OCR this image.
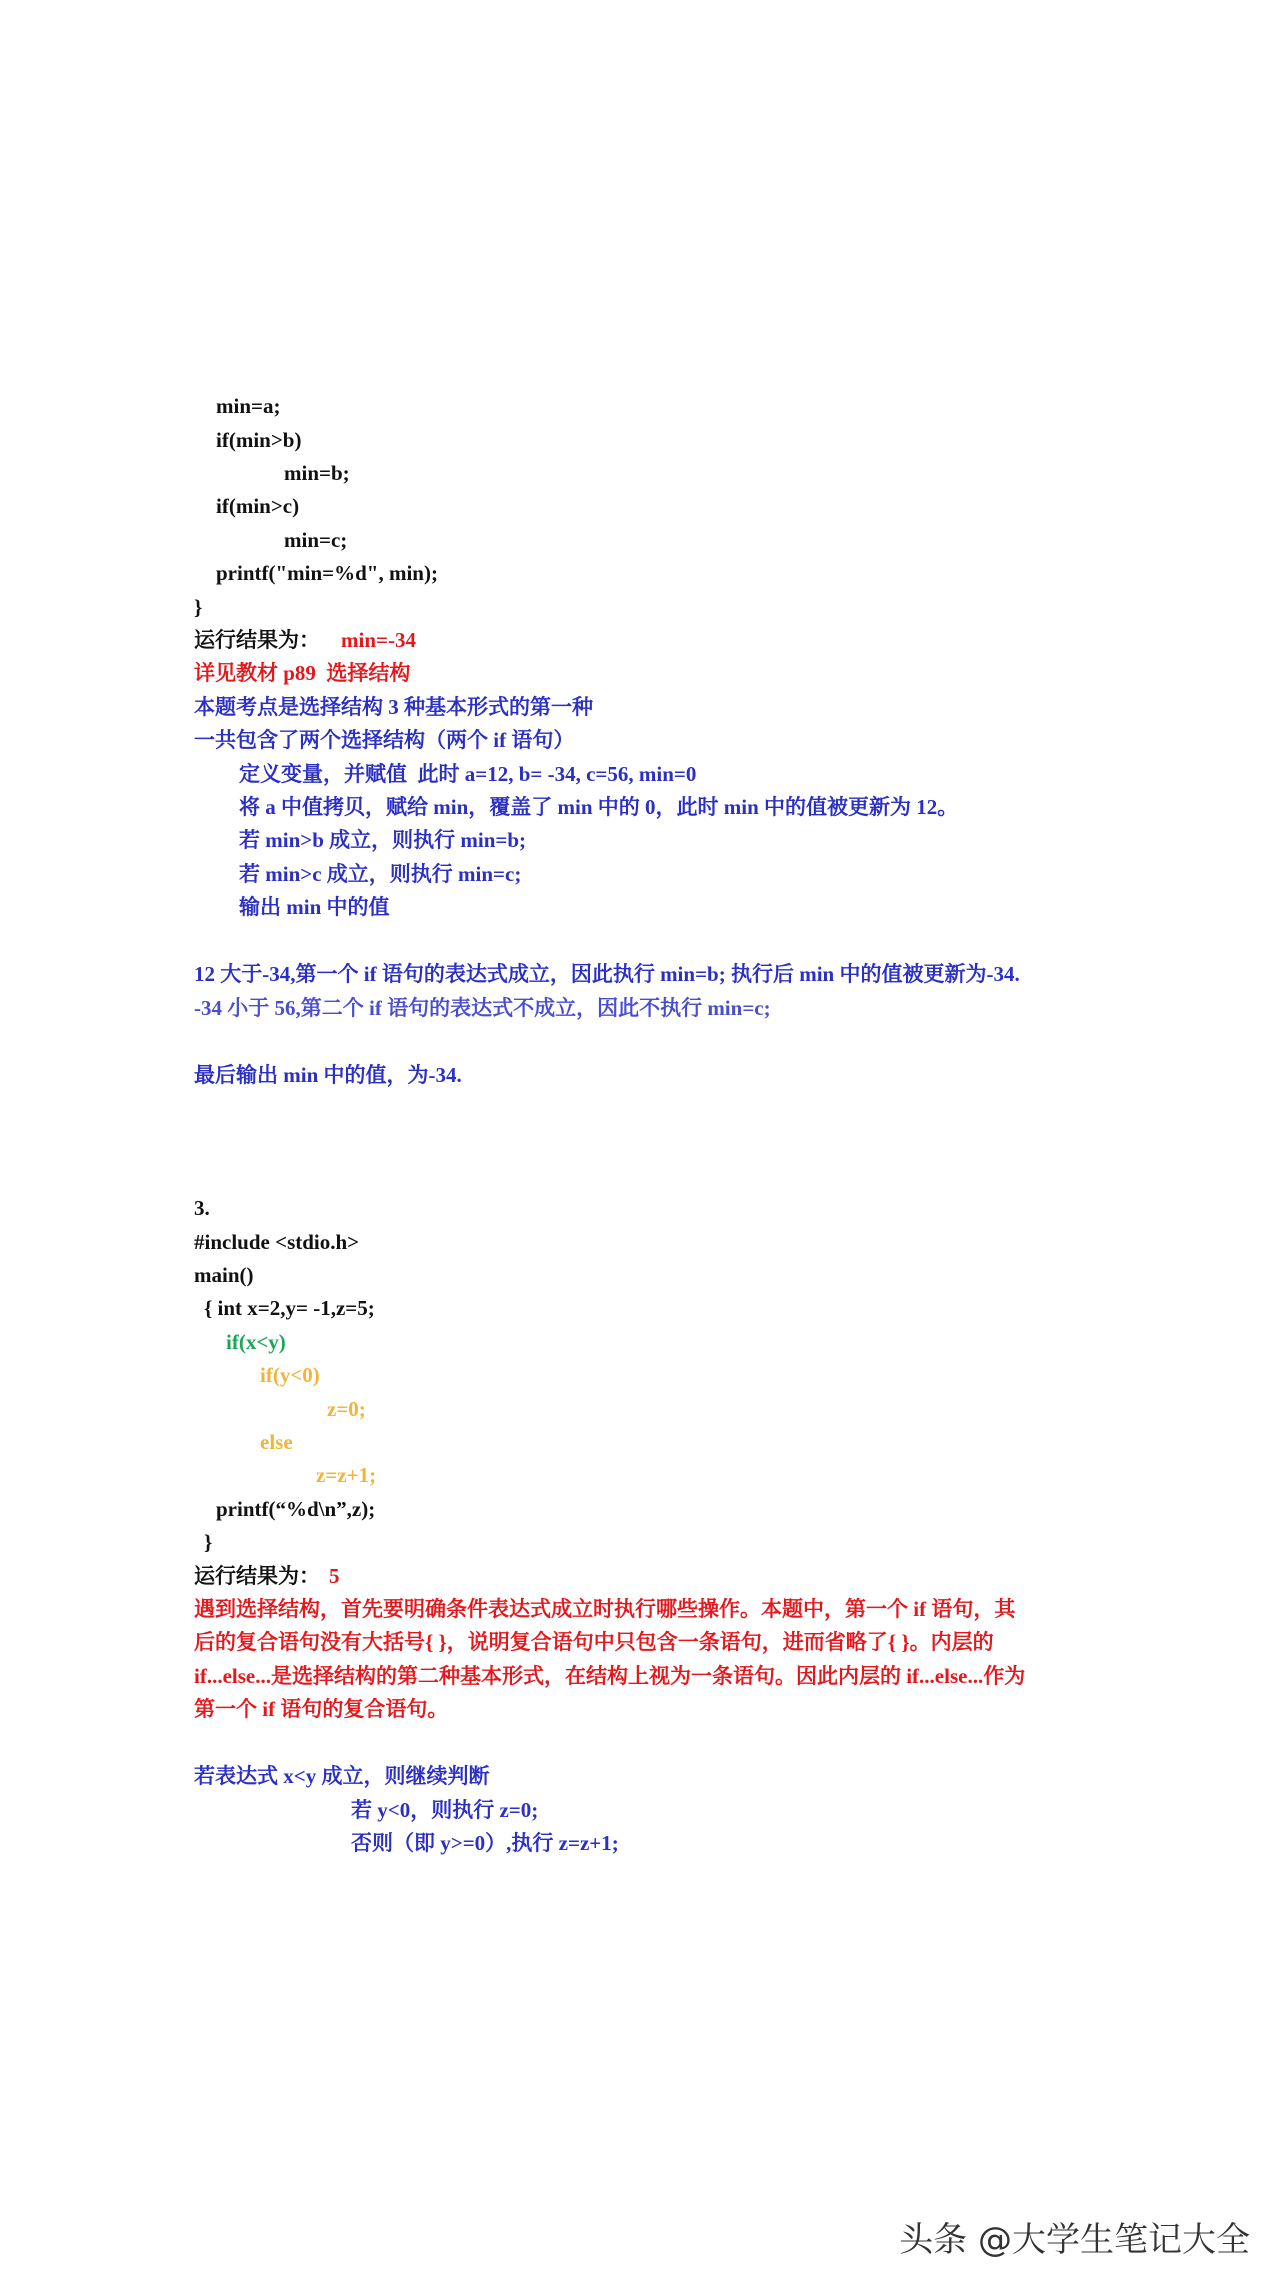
min=a;
if(min>b)
min=b;
if(min>c)
min=c;
printf("min=%d", min);
}
运行结果为： min=-34
详见教材 p89  选择结构
本题考点是选择结构 3 种基本形式的第一种
一共包含了两个选择结构（两个 if 语句）
定义变量，并赋值  此时 a=12, b= -34, c=56, min=0
将 a 中值拷贝，赋给 min，覆盖了 min 中的 0，此时 min 中的值被更新为 12。
若 min>b 成立，则执行 min=b;
若 min>c 成立，则执行 min=c;
输出 min 中的值
12 大于-34,第一个 if 语句的表达式成立，因此执行 min=b; 执行后 min 中的值被更新为-34.
-34 小于 56,第二个 if 语句的表达式不成立，因此不执行 min=c;
最后输出 min 中的值，为-34.
3.
#include <stdio.h>
main()
{ int x=2,y= -1,z=5;
if(x<y)
if(y<0)
z=0;
else
z=z+1;
printf(“%d\n”,z);
}
运行结果为： 5
遇到选择结构，首先要明确条件表达式成立时执行哪些操作。本题中，第一个 if 语句，其
后的复合语句没有大括号{ }，说明复合语句中只包含一条语句，进而省略了{ }。内层的
if...else...是选择结构的第二种基本形式，在结构上视为一条语句。因此内层的 if...else...作为
第一个 if 语句的复合语句。
若表达式 x<y 成立，则继续判断
若 y<0，则执行 z=0;
否则（即 y>=0）,执行 z=z+1;
头条 @大学生笔记大全
